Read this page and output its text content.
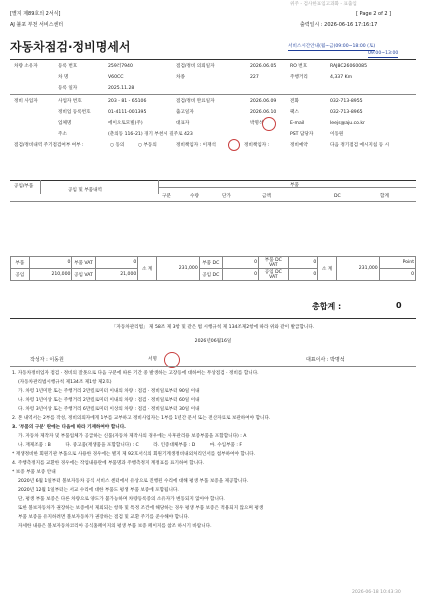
위주 - 검사한표임고과화 - 표출입
[별지 제89호의 2서식]	[ Page 2 of 2 ]
AJ 불포 부천 서비스센터	출력일시 : 2026-06-16 17:16:17
자동차점검·정비명세서	서비스시간안내(월~금)09:00~18:00 (토)
09:00~13:00
차량 소유자	등록 번호	259러7940
차 명	V60CC
등록 일자	2025.11.28
점검/정비 의뢰일자	2026.06.05
차종	227
RO 번호	RAJ8C26060085
주행거리	4,337 Km
정비 사업자	사업자 번호	203 - 81 - 65106
정비업 등록번호	01-4111-001395
업체명	에이오토모빌(주)	대표자	박명석
주소	(춘의동 116-21) 경기 부천시 길주로 423
점검/정비 완료일자	2026.06.09
출고일자	2026.06.10
전화	032-713-8955
팩스	032-713-8965
E-mail	leejs@aju.co.kr
PST 담당자	이동원
정비예약	다음 정기점검 예시지침 등 시
점검/정비내역 주기점검여부 여부 :	○ 동의	○ 부동의	정비책임자 : 이재석	정비책임자 :
공임/부품
공임 및 부품내역
부품
구분	수량	단가	금액	DC	합계
부품	0	부품 VAT	0	소 계	231,000	부품 DC	0	부품 DC VAT	0	소 계	231,000	Point
공임	210,000	공임 VAT	21,000			공임 DC	0	공임 DC VAT	0			0
총합계 :	0
「자동차관리법」 제 58조 제 3항 및 같은 법 시행규칙 제 134조제2항에 따라 위와 같이 발급합니다.
2026년06월16일
작성자 : 이동원	서명	대표이사 : 박명석
1. 자동차정비업자 점검 · 정비의 잘못으로 다음 구분에 따른 기간 중 발생하는 고장등에 대하여는 무상점검 · 정비를 합니다.
(자동차관리법시행규칙 제134조 제1항 제2호)
가. 차령 1년미만 또는 주행거리 2만킬로미터 이내의 차량 : 점검 · 정비일로부터 90일 이내
나. 차령 1년이상 또는 주행거리 2만킬로미터 이내의 차량 : 점검 · 정비일로부터 60일 이내
다. 차령 3년이상 또는 주행거리 6만킬로미터 이상의 차량 : 점검 · 정비일로부터 30일 이내
2. 본 내역서는 2부를 작성, 정비의뢰자에게 1부를 교부하고 정비사업자는 1부를 1년간 문서 또는 전산자료로 보관하여야 합니다.
3. '부품의 구분' 란에는 다음에 따라 기재하여야 합니다.
가. 자동차 제작자 및 부품업체가 공급하는 신품(자동차 제작사의 경우에는 사후관리용 보증부품을 포함합니다) : A
나. 재제조품 : B          다. 중고품(재생품을 포함합니다) : C          라. 인증대체부품 : D          마. 수입부품 : F
* 재생정비한 회원기관 부품으로 사용한 경우에는 별지 제 92호서식의 회원기계생정비내외처리인서를 첨부하여야 합니다.
4. 주행측정지를 교환한 경우에는 작업내용란에 부품명과 주행측정지 계정표를 표기하여 합니다.
* 보증 부품 보증 안내
2020년 6월 1일부터 볼보자동차 공식 서비스 센터에서 유상으로 진행된 수리에 대해 평생 부품 보증을 제공합니다.
2020년 12월 1일부터는 서교 수리에 대한 부품도 평생 부품 보증에 포함됩니다.
단, 평생 부품 보증은 다른 차량으로 양도가 불가능하며 차량등록증의 소유자가 변동되지 않아야 합니다.
또한 볼보자동차가 권장하는 보증에서 제외되는 항목 및 특정 조건에 해당하는 경우 평생 부품 보증은 적용되지 않으며 평생
부품 보증을 유지하려면 볼보자동차가 권장하는 점검 및 교환 주기를 준수해야 합니다.
자세한 내용은 볼보자동차코리아 공식홈페이지의 평생 부품 보증 페이지를 참조 하시기 바랍니다.
2026-06-18 10:43:30
